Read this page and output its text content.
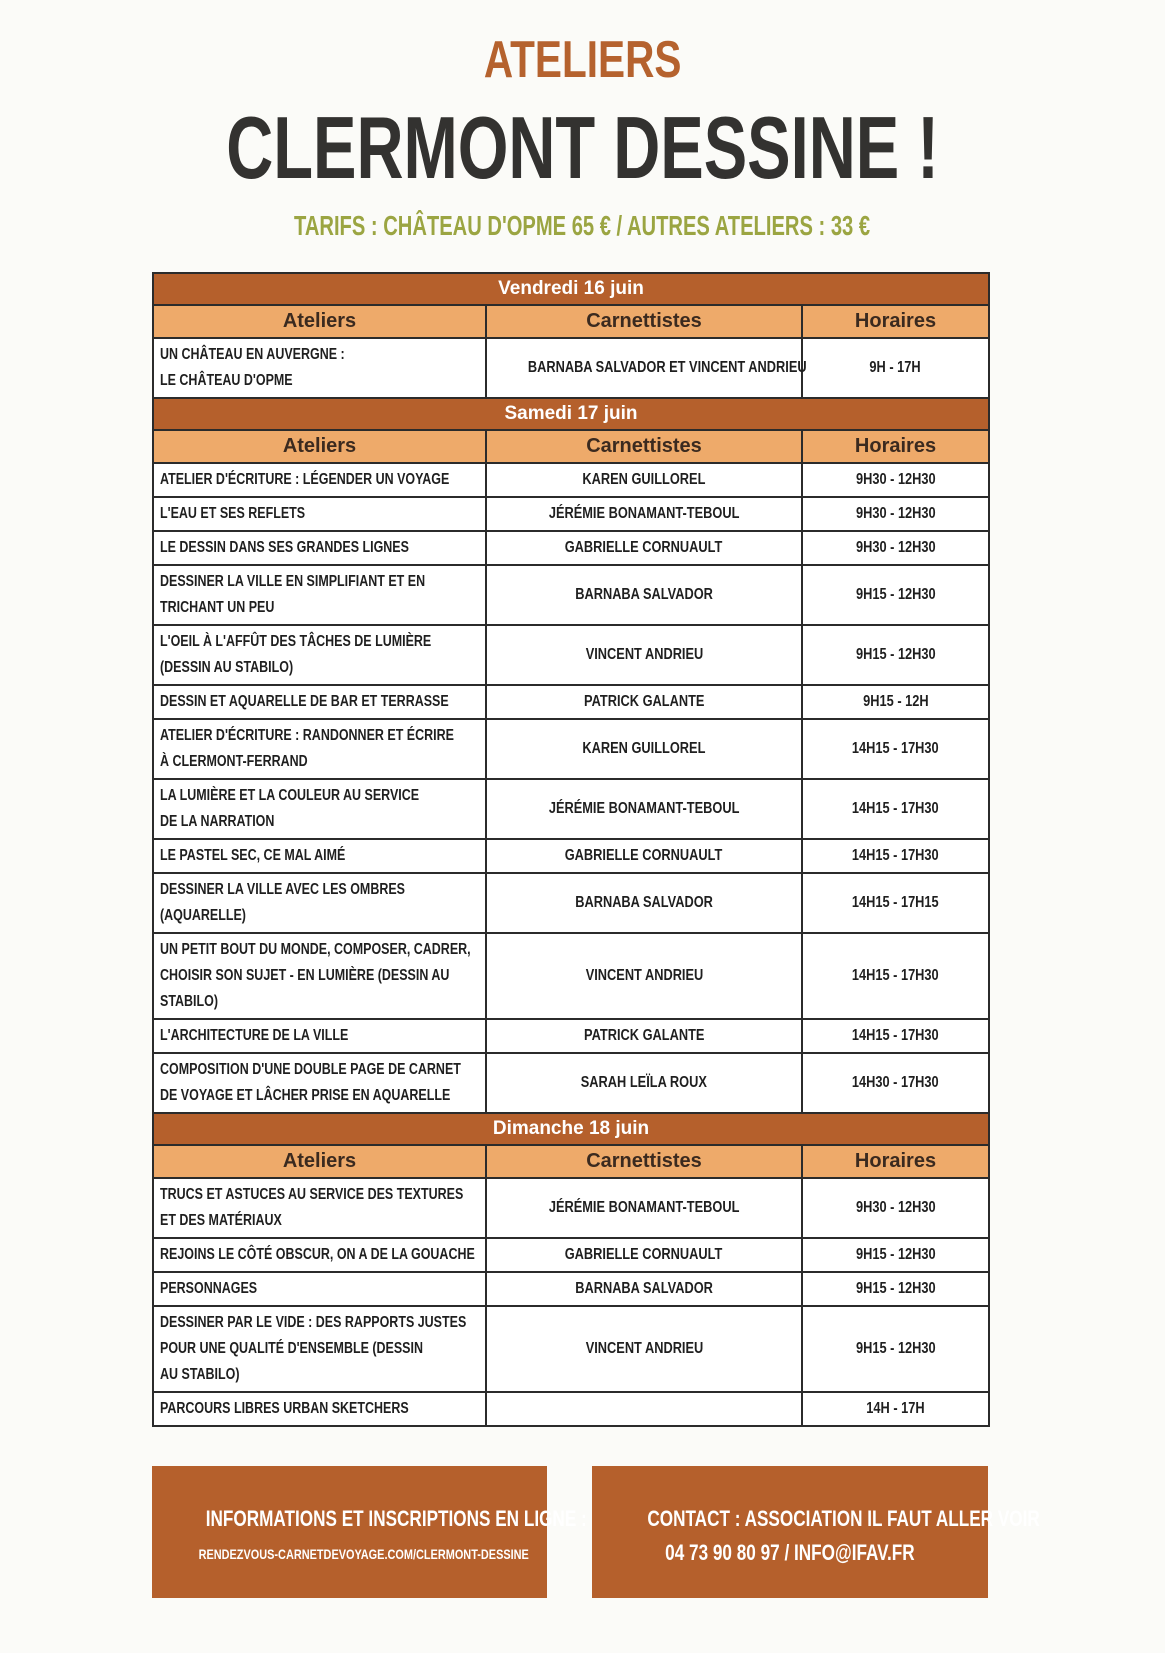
ATELIERS
CLERMONT DESSINE !
TARIFS : CHÂTEAU D'OPME 65 € / AUTRES ATELIERS : 33 €
Vendredi 16 juin		
Ateliers	Carnettistes	Horaires
UN CHÂTEAU EN AUVERGNE :
LE CHÂTEAU D'OPME	BARNABA SALVADOR ET VINCENT ANDRIEU	9H - 17H
Samedi 17 juin		
Ateliers	Carnettistes	Horaires
ATELIER D'ÉCRITURE : LÉGENDER UN VOYAGE	KAREN GUILLOREL	9H30 - 12H30
L'EAU ET SES REFLETS	JÉRÉMIE BONAMANT-TEBOUL	9H30 - 12H30
LE DESSIN DANS SES GRANDES LIGNES	GABRIELLE CORNUAULT	9H30 - 12H30
DESSINER LA VILLE EN SIMPLIFIANT ET EN
TRICHANT UN PEU	BARNABA SALVADOR	9H15 - 12H30
L'OEIL À L'AFFÛT DES TÂCHES DE LUMIÈRE
(DESSIN AU STABILO)	VINCENT ANDRIEU	9H15 - 12H30
DESSIN ET AQUARELLE DE BAR ET TERRASSE	PATRICK GALANTE	9H15 - 12H
ATELIER D'ÉCRITURE : RANDONNER ET ÉCRIRE
À CLERMONT-FERRAND	KAREN GUILLOREL	14H15 - 17H30
LA LUMIÈRE ET LA COULEUR AU SERVICE
DE LA NARRATION	JÉRÉMIE BONAMANT-TEBOUL	14H15 - 17H30
LE PASTEL SEC, CE MAL AIMÉ	GABRIELLE CORNUAULT	14H15 - 17H30
DESSINER LA VILLE AVEC LES OMBRES
(AQUARELLE)	BARNABA SALVADOR	14H15 - 17H15
UN PETIT BOUT DU MONDE, COMPOSER, CADRER,
CHOISIR SON SUJET - EN LUMIÈRE (DESSIN AU
STABILO)	VINCENT ANDRIEU	14H15 - 17H30
L'ARCHITECTURE DE LA VILLE	PATRICK GALANTE	14H15 - 17H30
COMPOSITION D'UNE DOUBLE PAGE DE CARNET
DE VOYAGE ET LÂCHER PRISE EN AQUARELLE	SARAH LEÏLA ROUX	14H30 - 17H30
Dimanche 18 juin		
Ateliers	Carnettistes	Horaires
TRUCS ET ASTUCES AU SERVICE DES TEXTURES
ET DES MATÉRIAUX	JÉRÉMIE BONAMANT-TEBOUL	9H30 - 12H30
REJOINS LE CÔTÉ OBSCUR, ON A DE LA GOUACHE	GABRIELLE CORNUAULT	9H15 - 12H30
PERSONNAGES	BARNABA SALVADOR	9H15 - 12H30
DESSINER PAR LE VIDE : DES RAPPORTS JUSTES
POUR UNE QUALITÉ D'ENSEMBLE (DESSIN
AU STABILO)	VINCENT ANDRIEU	9H15 - 12H30
PARCOURS LIBRES URBAN SKETCHERS		14H - 17H
INFORMATIONS ET INSCRIPTIONS EN LIGNE :
RENDEZVOUS-CARNETDEVOYAGE.COM/CLERMONT-DESSINE
CONTACT : ASSOCIATION IL FAUT ALLER VOIR
04 73 90 80 97 / INFO@IFAV.FR
